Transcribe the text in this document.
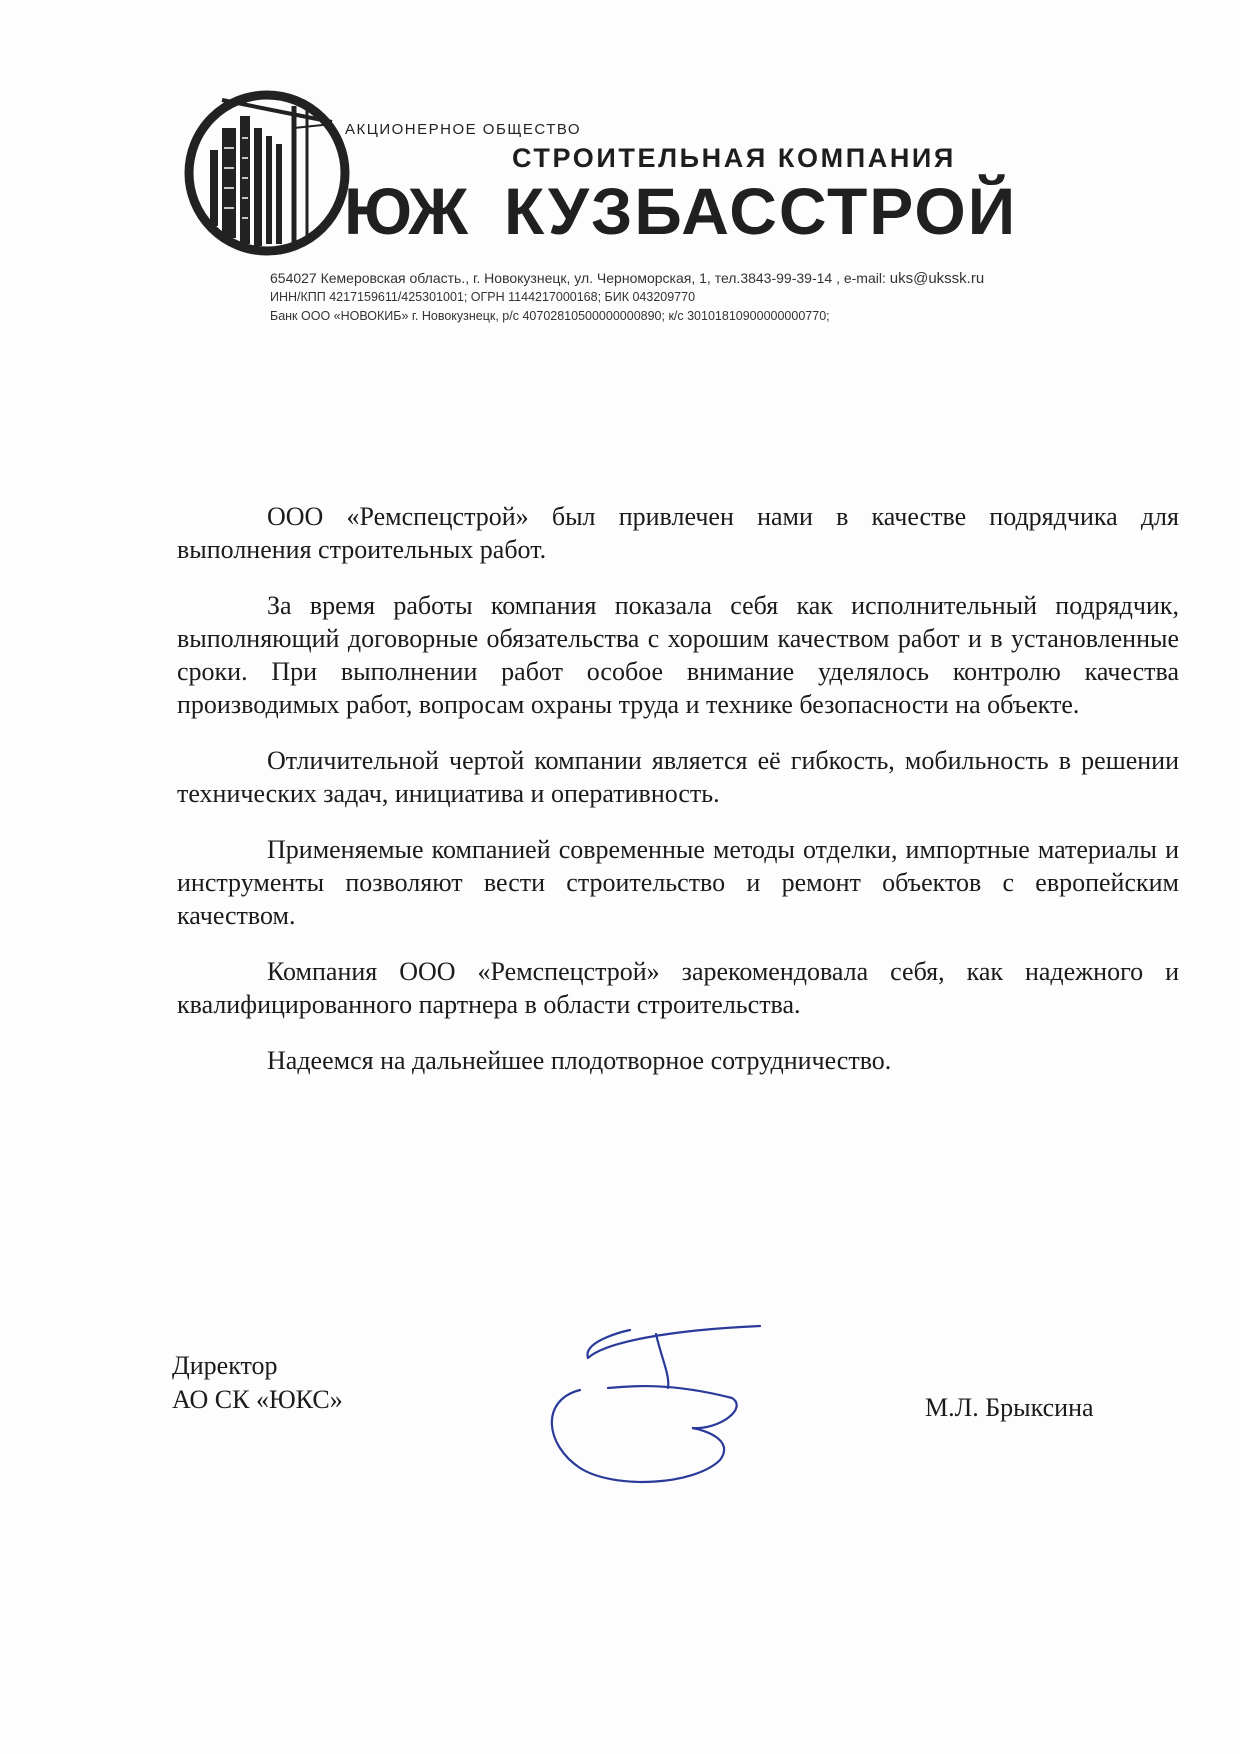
АКЦИОНЕРНОЕ ОБЩЕСТВО
СТРОИТЕЛЬНАЯ КОМПАНИЯ
ЮЖ КУЗБАССТРОЙ
654027 Кемеровская область., г. Новокузнецк, ул. Черноморская, 1, тел.3843-99-39-14 , e-mail: uks@ukssk.ru
ИНН/КПП 4217159611/425301001; ОГРН 1144217000168; БИК 043209770
Банк ООО «НОВОКИБ» г. Новокузнецк, р/с 40702810500000000890; к/с 30101810900000000770;

ООО «Ремспецстрой» был привлечен нами в качестве подрядчика для выполнения строительных работ.

За время работы компания показала себя как исполнительный подрядчик, выполняющий договорные обязательства с хорошим качеством работ и в установленные сроки. При выполнении работ особое внимание уделялось контролю качества производимых работ, вопросам охраны труда и технике безопасности на объекте.

Отличительной чертой компании является её гибкость, мобильность в решении технических задач, инициатива и оперативность.

Применяемые компанией современные методы отделки, импортные материалы и инструменты позволяют вести строительство и ремонт объектов с европейским качеством.

Компания ООО «Ремспецстрой» зарекомендовала себя, как надежного и квалифицированного партнера в области строительства.

Надеемся на дальнейшее плодотворное сотрудничество.

Директор
АО СК «ЮКС»	М.Л. Брыксина
